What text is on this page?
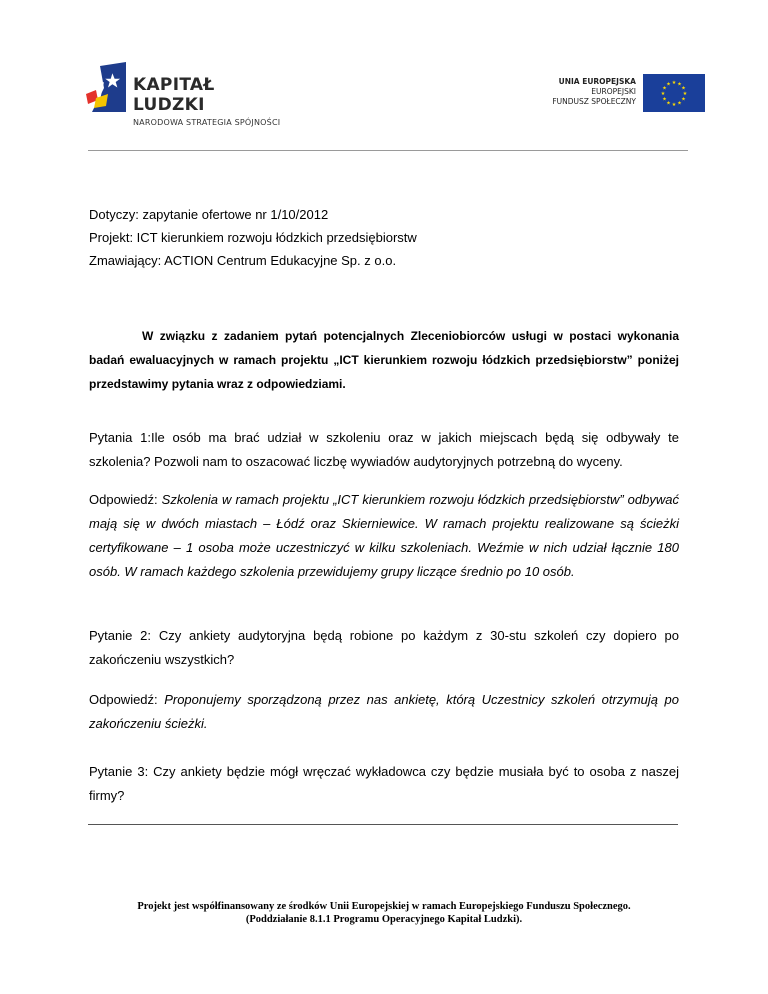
KAPITAŁ LUDZKI
NARODOWA STRATEGIA SPÓJNOŚCI
UNIA EUROPEJSKA
EUROPEJSKI
FUNDUSZ SPOŁECZNY
★ ★
★
★
★
★
★
★
★
★
★
★
Dotyczy: zapytanie ofertowe nr 1/10/2012
Projekt: ICT kierunkiem rozwoju łódzkich przedsiębiorstw
Zmawiający: ACTION Centrum Edukacyjne Sp. z o.o.
W związku z zadaniem pytań potencjalnych Zleceniobiorców usługi w postaci wykonania badań ewaluacyjnych w ramach projektu „ICT kierunkiem rozwoju łódzkich przedsiębiorstw” poniżej przedstawimy pytania wraz z odpowiedziami.
Pytania 1:Ile osób ma brać udział w szkoleniu oraz w jakich miejscach będą się odbywały te szkolenia? Pozwoli nam to oszacować liczbę wywiadów audytoryjnych potrzebną do wyceny.
Odpowiedź: Szkolenia w ramach projektu „ICT kierunkiem rozwoju łódzkich przedsiębiorstw” odbywać mają się w dwóch miastach – Łódź oraz Skierniewice. W ramach projektu realizowane są ścieżki certyfikowane – 1 osoba może uczestniczyć w kilku szkoleniach. Weźmie w nich udział łącznie 180 osób. W ramach każdego szkolenia przewidujemy grupy liczące średnio po 10 osób.
Pytanie 2: Czy ankiety audytoryjna będą robione po każdym z 30-stu szkoleń czy dopiero po zakończeniu wszystkich?
Odpowiedź: Proponujemy sporządzoną przez nas ankietę, którą Uczestnicy szkoleń otrzymują po zakończeniu ścieżki.
Pytanie 3: Czy ankiety będzie mógł wręczać wykładowca czy będzie musiała być to osoba z naszej firmy?
Projekt jest współfinansowany ze środków Unii Europejskiej w ramach Europejskiego Funduszu Społecznego.
(Poddziałanie 8.1.1 Programu Operacyjnego Kapitał Ludzki).
